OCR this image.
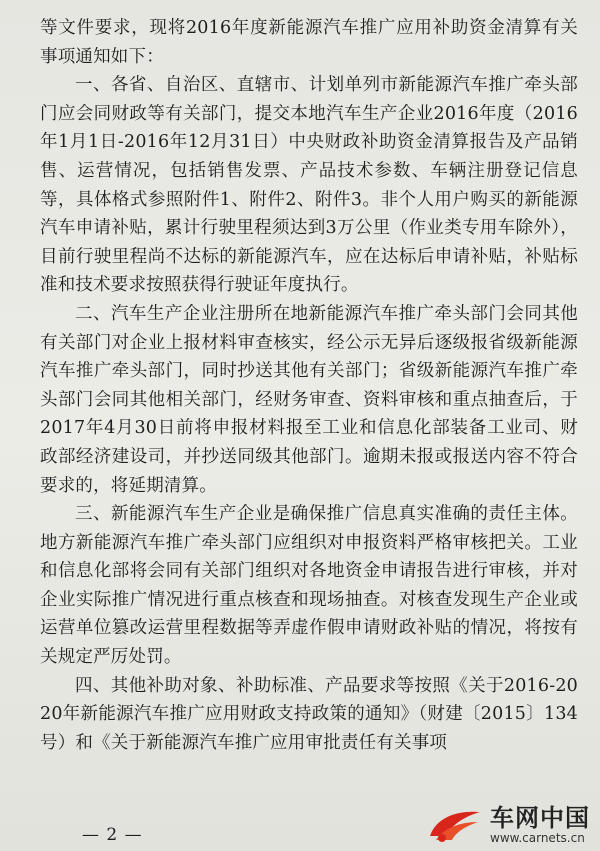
等文件要求，现将2016年度新能源汽车推广应用补助资金清算有关事项通知如下：

一、各省、自治区、直辖市、计划单列市新能源汽车推广牵头部门应会同财政等有关部门，提交本地汽车生产企业2016年度（2016年1月1日-2016年12月31日）中央财政补助资金清算报告及产品销售、运营情况，包括销售发票、产品技术参数、车辆注册登记信息等，具体格式参照附件1、附件2、附件3。非个人用户购买的新能源汽车申请补贴，累计行驶里程须达到3万公里（作业类专用车除外），目前行驶里程尚不达标的新能源汽车，应在达标后申请补贴，补贴标准和技术要求按照获得行驶证年度执行。

二、汽车生产企业注册所在地新能源汽车推广牵头部门会同其他有关部门对企业上报材料审查核实，经公示无异后逐级报省级新能源汽车推广牵头部门，同时抄送其他有关部门；省级新能源汽车推广牵头部门会同其他相关部门，经财务审查、资料审核和重点抽查后，于2017年4月30日前将申报材料报至工业和信息化部装备工业司、财政部经济建设司，并抄送同级其他部门。逾期未报或报送内容不符合要求的，将延期清算。

三、新能源汽车生产企业是确保推广信息真实准确的责任主体。地方新能源汽车推广牵头部门应组织对申报资料严格审核把关。工业和信息化部将会同有关部门组织对各地资金申请报告进行审核，并对企业实际推广情况进行重点核查和现场抽查。对核查发现生产企业或运营单位篡改运营里程数据等弄虚作假申请财政补贴的情况，将按有关规定严厉处罚。

四、其他补助对象、补助标准、产品要求等按照《关于2016-2020年新能源汽车推广应用财政支持政策的通知》（财建〔2015〕134号）和《关于新能源汽车推广应用审批责任有关事项

— 2 —
车网中国
www.carnets.cn
